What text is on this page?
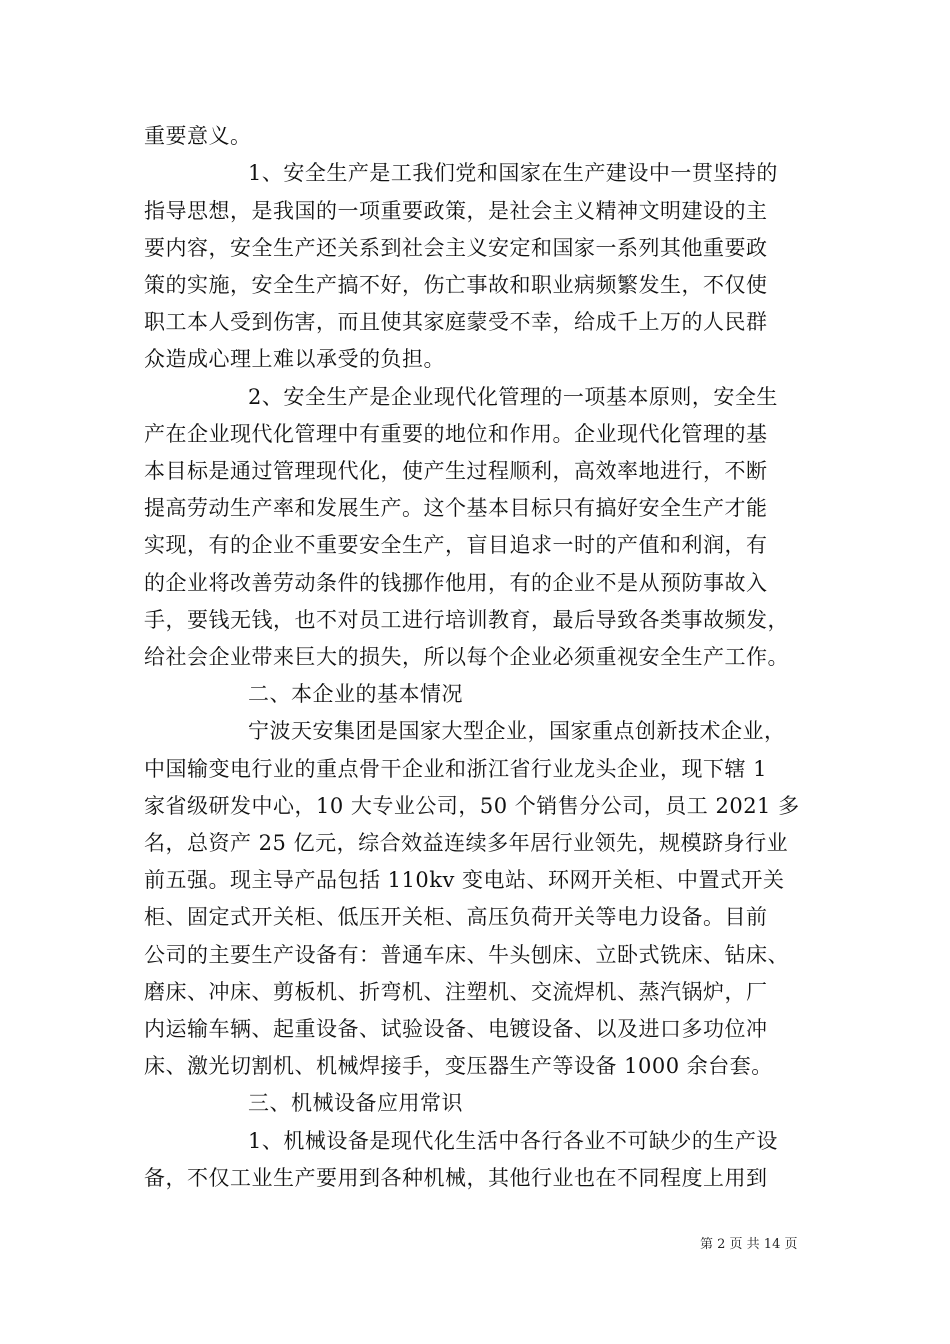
重要意义。
1、安全生产是工我们党和国家在生产建设中一贯坚持的
指导思想，是我国的一项重要政策，是社会主义精神文明建设的主
要内容，安全生产还关系到社会主义安定和国家一系列其他重要政
策的实施，安全生产搞不好，伤亡事故和职业病频繁发生，不仅使
职工本人受到伤害，而且使其家庭蒙受不幸，给成千上万的人民群
众造成心理上难以承受的负担。
2、安全生产是企业现代化管理的一项基本原则，安全生
产在企业现代化管理中有重要的地位和作用。企业现代化管理的基
本目标是通过管理现代化，使产生过程顺利，高效率地进行，不断
提高劳动生产率和发展生产。这个基本目标只有搞好安全生产才能
实现，有的企业不重要安全生产，盲目追求一时的产值和利润，有
的企业将改善劳动条件的钱挪作他用，有的企业不是从预防事故入
手，要钱无钱，也不对员工进行培训教育，最后导致各类事故频发，
给社会企业带来巨大的损失，所以每个企业必须重视安全生产工作。
二、本企业的基本情况
宁波天安集团是国家大型企业，国家重点创新技术企业，
中国输变电行业的重点骨干企业和浙江省行业龙头企业，现下辖 1
家省级研发中心，10 大专业公司，50 个销售分公司，员工 2021 多
名，总资产 25 亿元，综合效益连续多年居行业领先，规模跻身行业
前五强。现主导产品包括 110kv 变电站、环网开关柜、中置式开关
柜、固定式开关柜、低压开关柜、高压负荷开关等电力设备。目前
公司的主要生产设备有：普通车床、牛头刨床、立卧式铣床、钻床、
磨床、冲床、剪板机、折弯机、注塑机、交流焊机、蒸汽锅炉，厂
内运输车辆、起重设备、试验设备、电镀设备、以及进口多功位冲
床、激光切割机、机械焊接手，变压器生产等设备 1000 余台套。
三、机械设备应用常识
1、机械设备是现代化生活中各行各业不可缺少的生产设
备，不仅工业生产要用到各种机械，其他行业也在不同程度上用到
第 2 页 共 14 页
